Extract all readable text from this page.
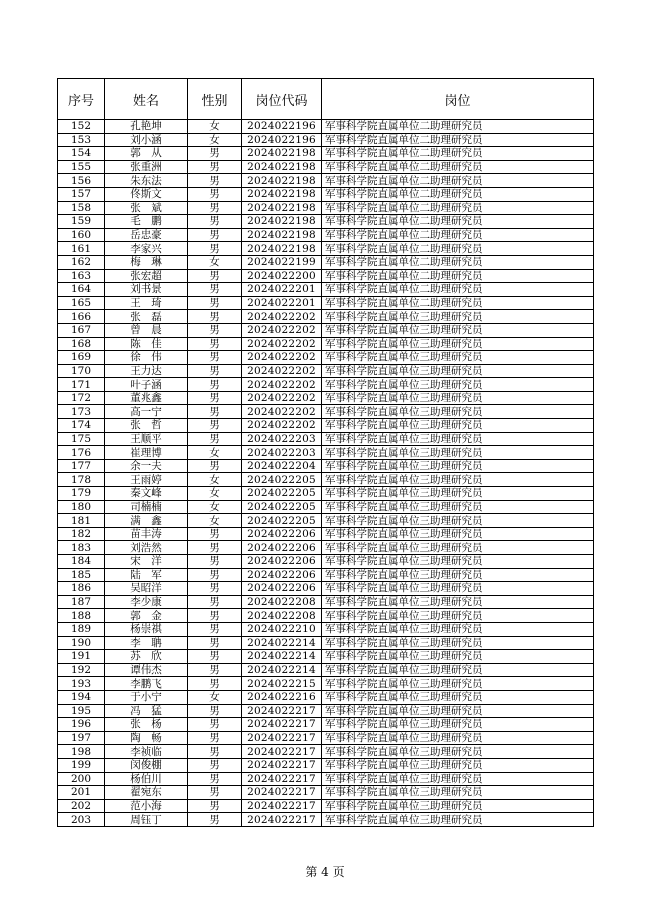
序号	姓名	性别	岗位代码	岗位
152	孔艳坤	女	2024022196	军事科学院直属单位二助理研究员
153	刘小涵	女	2024022196	军事科学院直属单位二助理研究员
154	郭　从	男	2024022198	军事科学院直属单位二助理研究员
155	张重洲	男	2024022198	军事科学院直属单位二助理研究员
156	朱东法	男	2024022198	军事科学院直属单位二助理研究员
157	佟斯文	男	2024022198	军事科学院直属单位二助理研究员
158	张　斌	男	2024022198	军事科学院直属单位二助理研究员
159	毛　鹏	男	2024022198	军事科学院直属单位二助理研究员
160	岳忠豪	男	2024022198	军事科学院直属单位二助理研究员
161	李家兴	男	2024022198	军事科学院直属单位二助理研究员
162	梅　琳	女	2024022199	军事科学院直属单位二助理研究员
163	张宏超	男	2024022200	军事科学院直属单位二助理研究员
164	刘书景	男	2024022201	军事科学院直属单位二助理研究员
165	王　琦	男	2024022201	军事科学院直属单位二助理研究员
166	张　磊	男	2024022202	军事科学院直属单位三助理研究员
167	曾　晨	男	2024022202	军事科学院直属单位三助理研究员
168	陈　佳	男	2024022202	军事科学院直属单位三助理研究员
169	徐　伟	男	2024022202	军事科学院直属单位三助理研究员
170	王力达	男	2024022202	军事科学院直属单位三助理研究员
171	叶子涵	男	2024022202	军事科学院直属单位三助理研究员
172	董兆鑫	男	2024022202	军事科学院直属单位三助理研究员
173	高一宁	男	2024022202	军事科学院直属单位三助理研究员
174	张　哲	男	2024022202	军事科学院直属单位三助理研究员
175	王顺平	男	2024022203	军事科学院直属单位三助理研究员
176	崔理博	女	2024022203	军事科学院直属单位三助理研究员
177	余一夫	男	2024022204	军事科学院直属单位三助理研究员
178	王雨婷	女	2024022205	军事科学院直属单位三助理研究员
179	秦文峰	女	2024022205	军事科学院直属单位三助理研究员
180	司楠楠	女	2024022205	军事科学院直属单位三助理研究员
181	满　鑫	女	2024022205	军事科学院直属单位三助理研究员
182	苗丰涛	男	2024022206	军事科学院直属单位三助理研究员
183	刘浩然	男	2024022206	军事科学院直属单位三助理研究员
184	宋　洋	男	2024022206	军事科学院直属单位三助理研究员
185	陆　军	男	2024022206	军事科学院直属单位三助理研究员
186	吴昭洋	男	2024022206	军事科学院直属单位三助理研究员
187	李少康	男	2024022208	军事科学院直属单位三助理研究员
188	郭　金	男	2024022208	军事科学院直属单位三助理研究员
189	杨崇祺	男	2024022210	军事科学院直属单位三助理研究员
190	李　聃	男	2024022214	军事科学院直属单位三助理研究员
191	苏　欣	男	2024022214	军事科学院直属单位三助理研究员
192	谭伟杰	男	2024022214	军事科学院直属单位三助理研究员
193	李鹏飞	男	2024022215	军事科学院直属单位三助理研究员
194	于小宁	女	2024022216	军事科学院直属单位三助理研究员
195	冯　猛	男	2024022217	军事科学院直属单位三助理研究员
196	张　杨	男	2024022217	军事科学院直属单位三助理研究员
197	陶　畅	男	2024022217	军事科学院直属单位三助理研究员
198	李祯临	男	2024022217	军事科学院直属单位三助理研究员
199	闵俊棚	男	2024022217	军事科学院直属单位三助理研究员
200	杨伯川	男	2024022217	军事科学院直属单位三助理研究员
201	翟宛东	男	2024022217	军事科学院直属单位三助理研究员
202	范小海	男	2024022217	军事科学院直属单位三助理研究员
203	周钰丁	男	2024022217	军事科学院直属单位三助理研究员
第 4 页
